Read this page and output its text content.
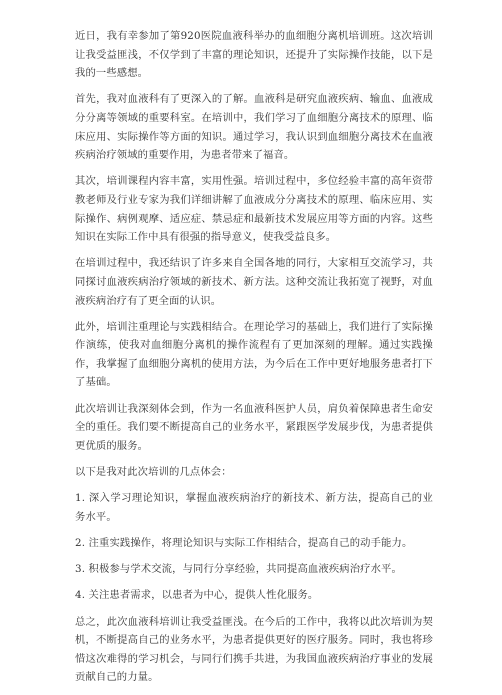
近日，我有幸参加了第920医院血液科举办的血细胞分离机培训班。这次培训让我受益匪浅，不仅学到了丰富的理论知识，还提升了实际操作技能，以下是我的一些感想。

首先，我对血液科有了更深入的了解。血液科是研究血液疾病、输血、血液成分分离等领域的重要科室。在培训中，我们学习了血细胞分离技术的原理、临床应用、实际操作等方面的知识。通过学习，我认识到血细胞分离技术在血液疾病治疗领域的重要作用，为患者带来了福音。

其次，培训课程内容丰富，实用性强。培训过程中，多位经验丰富的高年资带教老师及行业专家为我们详细讲解了血液成分分离技术的原理、临床应用、实际操作、病例观摩、适应症、禁忌症和最新技术发展应用等方面的内容。这些知识在实际工作中具有很强的指导意义，使我受益良多。

在培训过程中，我还结识了许多来自全国各地的同行，大家相互交流学习，共同探讨血液疾病治疗领域的新技术、新方法。这种交流让我拓宽了视野，对血液疾病治疗有了更全面的认识。

此外，培训注重理论与实践相结合。在理论学习的基础上，我们进行了实际操作演练，使我对血细胞分离机的操作流程有了更加深刻的理解。通过实践操作，我掌握了血细胞分离机的使用方法，为今后在工作中更好地服务患者打下了基础。

此次培训让我深刻体会到，作为一名血液科医护人员，肩负着保障患者生命安全的重任。我们要不断提高自己的业务水平，紧跟医学发展步伐，为患者提供更优质的服务。

以下是我对此次培训的几点体会：

1. 深入学习理论知识，掌握血液疾病治疗的新技术、新方法，提高自己的业务水平。

2. 注重实践操作，将理论知识与实际工作相结合，提高自己的动手能力。

3. 积极参与学术交流，与同行分享经验，共同提高血液疾病治疗水平。

4. 关注患者需求，以患者为中心，提供人性化服务。

总之，此次血液科培训让我受益匪浅。在今后的工作中，我将以此次培训为契机，不断提高自己的业务水平，为患者提供更好的医疗服务。同时，我也将珍惜这次难得的学习机会，与同行们携手共进，为我国血液疾病治疗事业的发展贡献自己的力量。
